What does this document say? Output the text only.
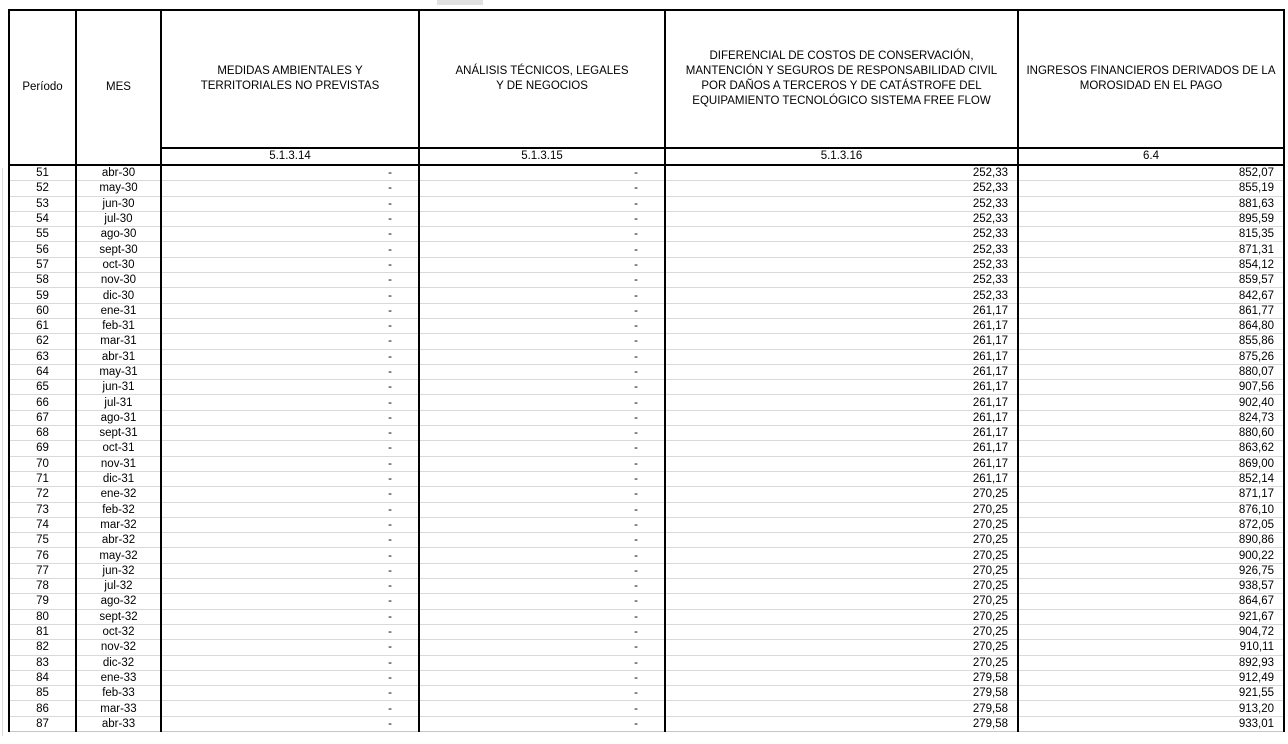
Período	MES	MEDIDAS AMBIENTALES Y TERRITORIALES NO PREVISTAS	ANÁLISIS TÉCNICOS, LEGALES Y DE NEGOCIOS	DIFERENCIAL DE COSTOS DE CONSERVACIÓN, MANTENCIÓN Y SEGUROS DE RESPONSABILIDAD CIVIL POR DAÑOS A TERCEROS Y DE CATÁSTROFE DEL EQUIPAMIENTO TECNOLÓGICO SISTEMA FREE FLOW	INGRESOS FINANCIEROS DERIVADOS DE LA MOROSIDAD EN EL PAGO
		5.1.3.14	5.1.3.15	5.1.3.16	6.4
51	abr-30	-	-	252,33	852,07
52	may-30	-	-	252,33	855,19
53	jun-30	-	-	252,33	881,63
54	jul-30	-	-	252,33	895,59
55	ago-30	-	-	252,33	815,35
56	sept-30	-	-	252,33	871,31
57	oct-30	-	-	252,33	854,12
58	nov-30	-	-	252,33	859,57
59	dic-30	-	-	252,33	842,67
60	ene-31	-	-	261,17	861,77
61	feb-31	-	-	261,17	864,80
62	mar-31	-	-	261,17	855,86
63	abr-31	-	-	261,17	875,26
64	may-31	-	-	261,17	880,07
65	jun-31	-	-	261,17	907,56
66	jul-31	-	-	261,17	902,40
67	ago-31	-	-	261,17	824,73
68	sept-31	-	-	261,17	880,60
69	oct-31	-	-	261,17	863,62
70	nov-31	-	-	261,17	869,00
71	dic-31	-	-	261,17	852,14
72	ene-32	-	-	270,25	871,17
73	feb-32	-	-	270,25	876,10
74	mar-32	-	-	270,25	872,05
75	abr-32	-	-	270,25	890,86
76	may-32	-	-	270,25	900,22
77	jun-32	-	-	270,25	926,75
78	jul-32	-	-	270,25	938,57
79	ago-32	-	-	270,25	864,67
80	sept-32	-	-	270,25	921,67
81	oct-32	-	-	270,25	904,72
82	nov-32	-	-	270,25	910,11
83	dic-32	-	-	270,25	892,93
84	ene-33	-	-	279,58	912,49
85	feb-33	-	-	279,58	921,55
86	mar-33	-	-	279,58	913,20
87	abr-33	-	-	279,58	933,01
